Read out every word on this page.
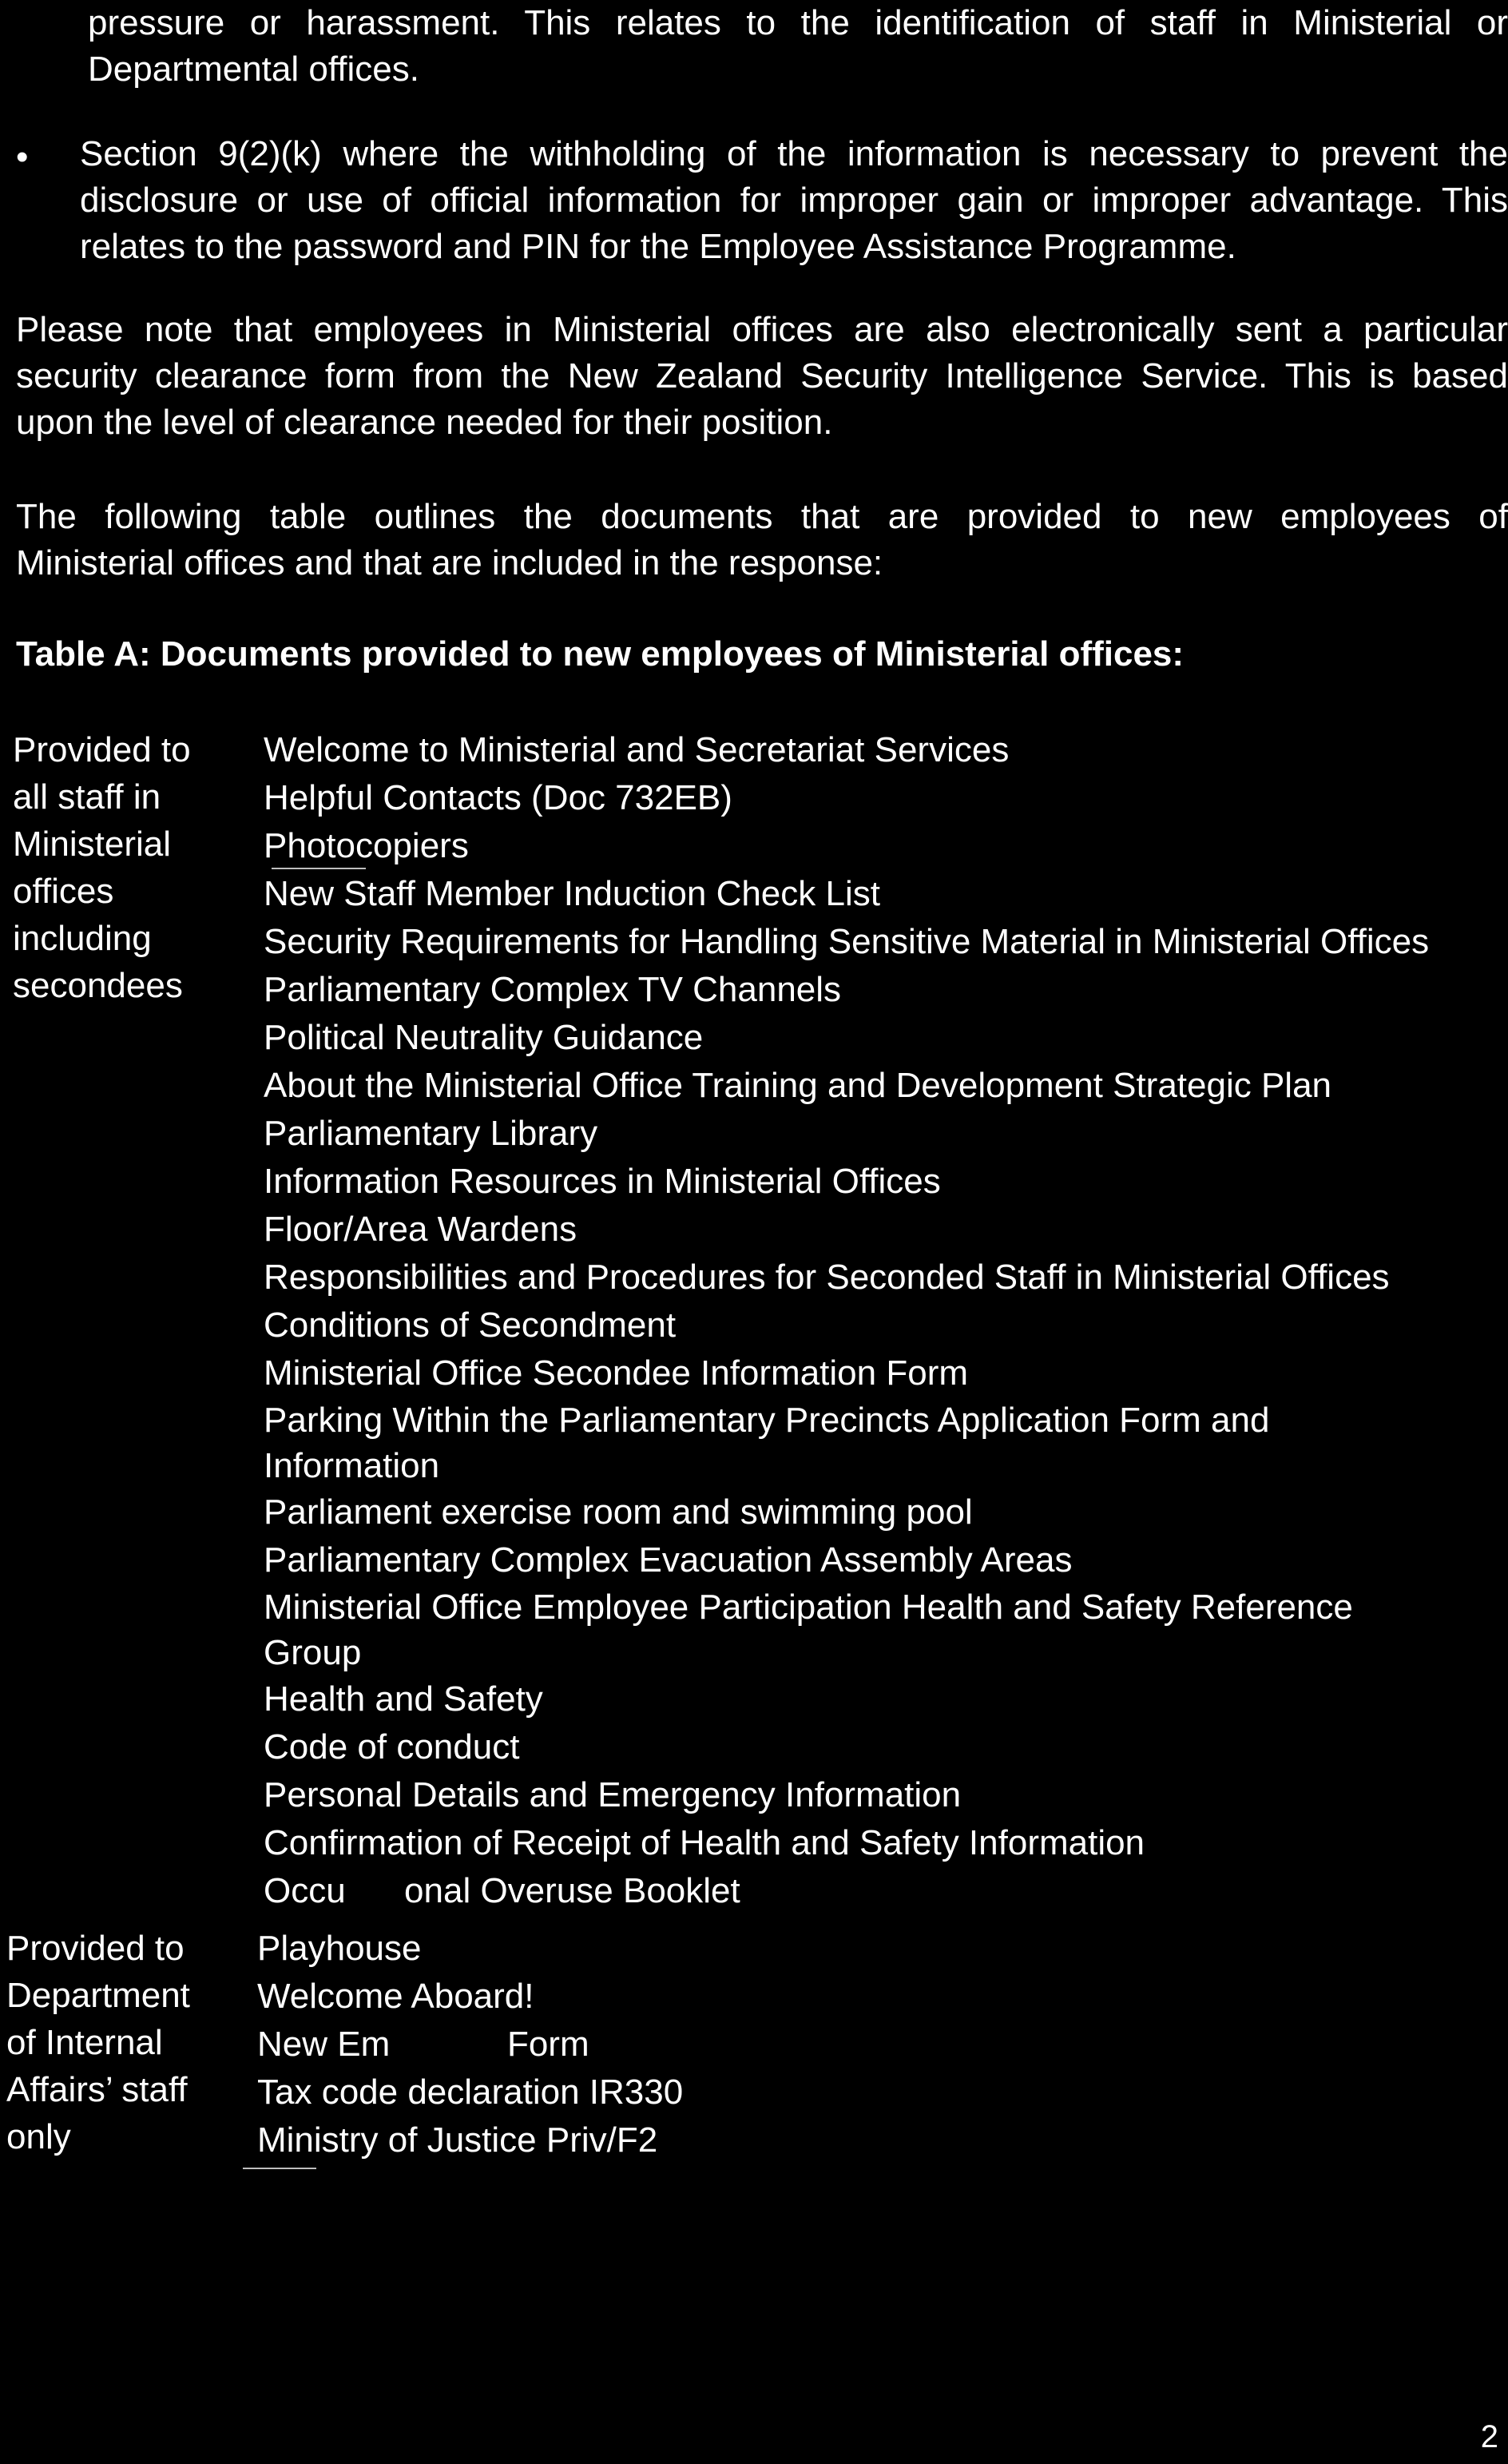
pressure or harassment. This relates to the identification of staff in Ministerial or
Departmental offices.
• Section 9(2)(k) where the withholding of the information is necessary to prevent the
disclosure or use of official information for improper gain or improper advantage. This
relates to the password and PIN for the Employee Assistance Programme.
Please note that employees in Ministerial offices are also electronically sent a particular
security clearance form from the New Zealand Security Intelligence Service. This is based
upon the level of clearance needed for their position.
The following table outlines the documents that are provided to new employees of
Ministerial offices and that are included in the response:
Table A: Documents provided to new employees of Ministerial offices:
Provided to
all staff in
Ministerial
offices
including
secondees
Welcome to Ministerial and Secretariat Services
Helpful Contacts (Doc 732EB)
Photocopiers
New Staff Member Induction Check List
Security Requirements for Handling Sensitive Material in Ministerial Offices
Parliamentary Complex TV Channels
Political Neutrality Guidance
About the Ministerial Office Training and Development Strategic Plan
Parliamentary Library
Information Resources in Ministerial Offices
Floor/Area Wardens
Responsibilities and Procedures for Seconded Staff in Ministerial Offices
Conditions of Secondment
Ministerial Office Secondee Information Form
Parking Within the Parliamentary Precincts Application Form and
Information
Parliament exercise room and swimming pool
Parliamentary Complex Evacuation Assembly Areas
Ministerial Office Employee Participation Health and Safety Reference
Group
Health and Safety
Code of conduct
Personal Details and Emergency Information
Confirmation of Receipt of Health and Safety Information
Occu      onal Overuse Booklet
Provided to
Department
of Internal
Affairs’ staff
only
Playhouse
Welcome Aboard!
New Em            Form
Tax code declaration IR330
Ministry of Justice Priv/F2
2
